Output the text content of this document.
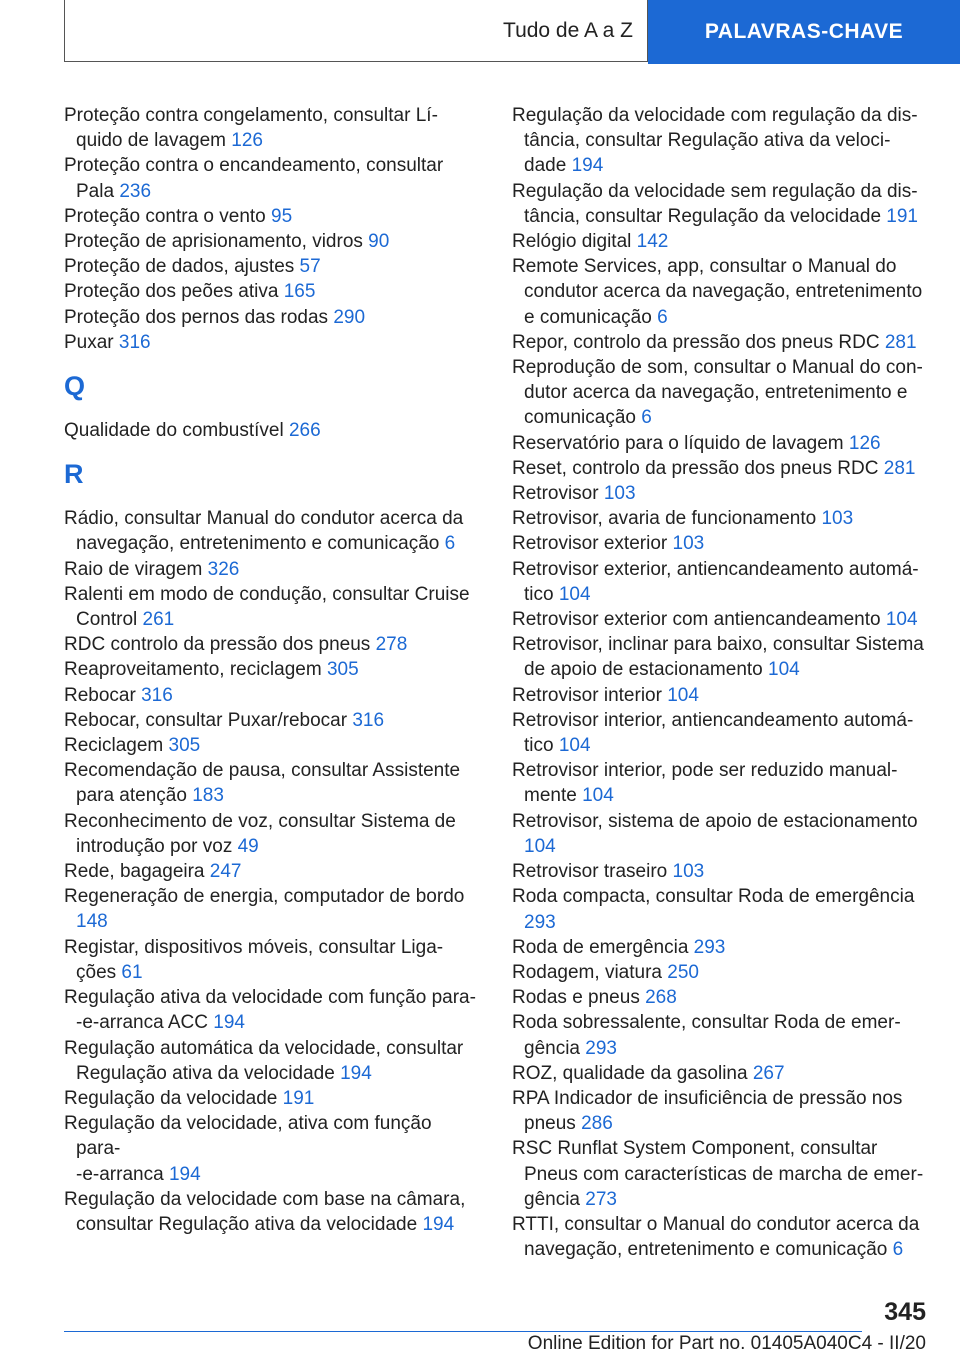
Tudo de A a Z	PALAVRAS-CHAVE
Proteção contra congelamento, consultar Líquido de lavagem 126
Proteção contra o encandeamento, consultar Pala 236
Proteção contra o vento 95
Proteção de aprisionamento, vidros 90
Proteção de dados, ajustes 57
Proteção dos peões ativa 165
Proteção dos pernos das rodas 290
Puxar 316
Q
Qualidade do combustível 266
R
Rádio, consultar Manual do condutor acerca da navegação, entretenimento e comunicação 6
Raio de viragem 326
Ralenti em modo de condução, consultar Cruise Control 261
RDC controlo da pressão dos pneus 278
Reaproveitamento, reciclagem 305
Rebocar 316
Rebocar, consultar Puxar/rebocar 316
Reciclagem 305
Recomendação de pausa, consultar Assistente para atenção 183
Reconhecimento de voz, consultar Sistema de introdução por voz 49
Rede, bagageira 247
Regeneração de energia, computador de bordo 148
Registar, dispositivos móveis, consultar Ligações 61
Regulação ativa da velocidade com função para-
-e-arranca ACC 194
Regulação automática da velocidade, consultar Regulação ativa da velocidade 194
Regulação da velocidade 191
Regulação da velocidade, ativa com função para-
-e-arranca 194
Regulação da velocidade com base na câmara, consultar Regulação ativa da velocidade 194
Regulação da velocidade com regulação da distância, consultar Regulação ativa da velocidade 194
Regulação da velocidade sem regulação da distância, consultar Regulação da velocidade 191
Relógio digital 142
Remote Services, app, consultar o Manual do condutor acerca da navegação, entretenimento e comunicação 6
Repor, controlo da pressão dos pneus RDC 281
Reprodução de som, consultar o Manual do condutor acerca da navegação, entretenimento e comunicação 6
Reservatório para o líquido de lavagem 126
Reset, controlo da pressão dos pneus RDC 281
Retrovisor 103
Retrovisor, avaria de funcionamento 103
Retrovisor exterior 103
Retrovisor exterior, antiencandeamento automático 104
Retrovisor exterior com antiencandeamento 104
Retrovisor, inclinar para baixo, consultar Sistema de apoio de estacionamento 104
Retrovisor interior 104
Retrovisor interior, antiencandeamento automático 104
Retrovisor interior, pode ser reduzido manualmente 104
Retrovisor, sistema de apoio de estacionamento 104
Retrovisor traseiro 103
Roda compacta, consultar Roda de emergência 293
Roda de emergência 293
Rodagem, viatura 250
Rodas e pneus 268
Roda sobressalente, consultar Roda de emergência 293
ROZ, qualidade da gasolina 267
RPA Indicador de insuficiência de pressão nos pneus 286
RSC Runflat System Component, consultar Pneus com características de marcha de emergência 273
RTTI, consultar o Manual do condutor acerca da navegação, entretenimento e comunicação 6
345
Online Edition for Part no. 01405A040C4 - II/20
